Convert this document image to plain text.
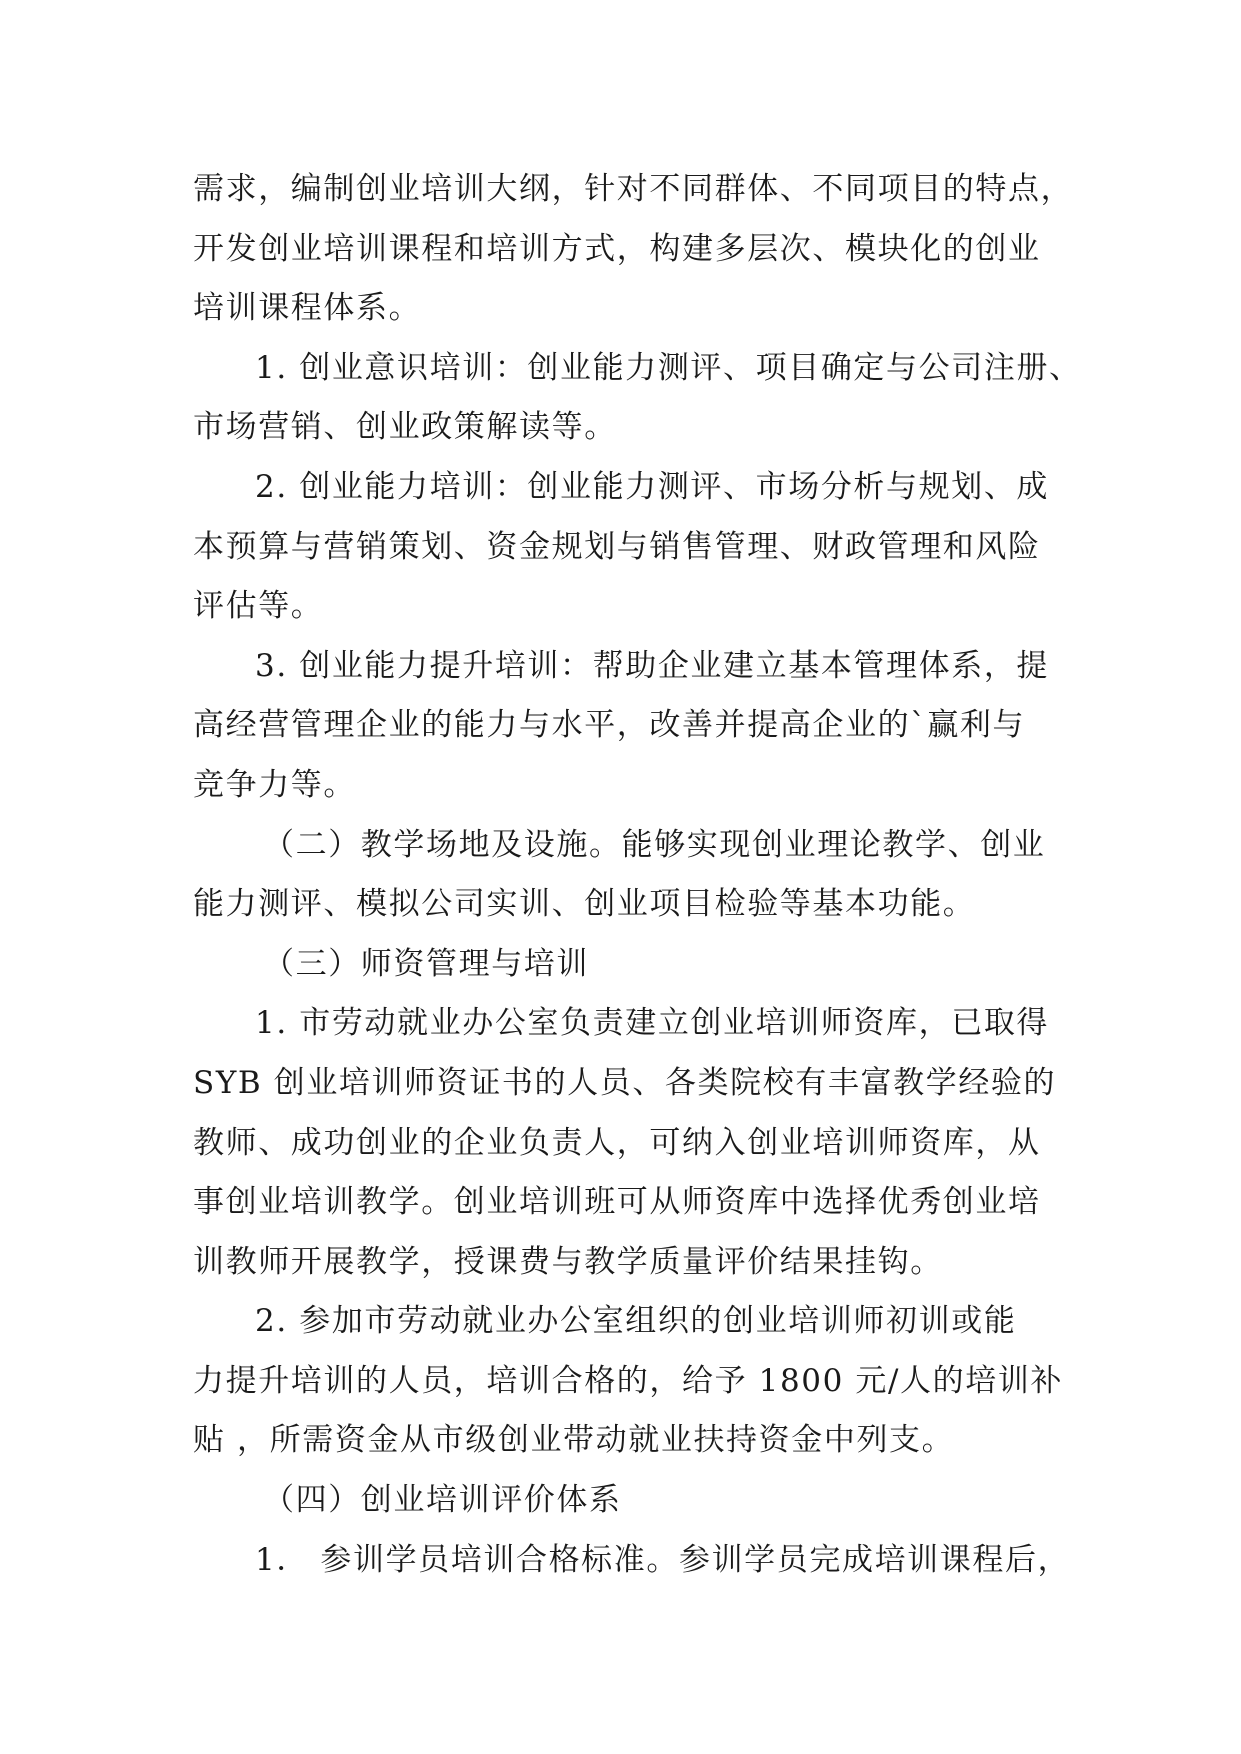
需求，编制创业培训大纲，针对不同群体、不同项目的特点，
开发创业培训课程和培训方式，构建多层次、模块化的创业
培训课程体系。
1. 创业意识培训：创业能力测评、项目确定与公司注册、
市场营销、创业政策解读等。
2. 创业能力培训：创业能力测评、市场分析与规划、成
本预算与营销策划、资金规划与销售管理、财政管理和风险
评估等。
3. 创业能力提升培训：帮助企业建立基本管理体系，提
高经营管理企业的能力与水平，改善并提高企业的`赢利与
竞争力等。
（二）教学场地及设施。能够实现创业理论教学、创业
能力测评、模拟公司实训、创业项目检验等基本功能。
（三）师资管理与培训
1. 市劳动就业办公室负责建立创业培训师资库，已取得
SYB 创业培训师资证书的人员、各类院校有丰富教学经验的
教师、成功创业的企业负责人，可纳入创业培训师资库，从
事创业培训教学。创业培训班可从师资库中选择优秀创业培
训教师开展教学，授课费与教学质量评价结果挂钩。
2. 参加市劳动就业办公室组织的创业培训师初训或能
力提升培训的人员，培训合格的，给予 1800 元/人的培训补
贴 ，所需资金从市级创业带动就业扶持资金中列支。
（四）创业培训评价体系
1． 参训学员培训合格标准。参训学员完成培训课程后，
